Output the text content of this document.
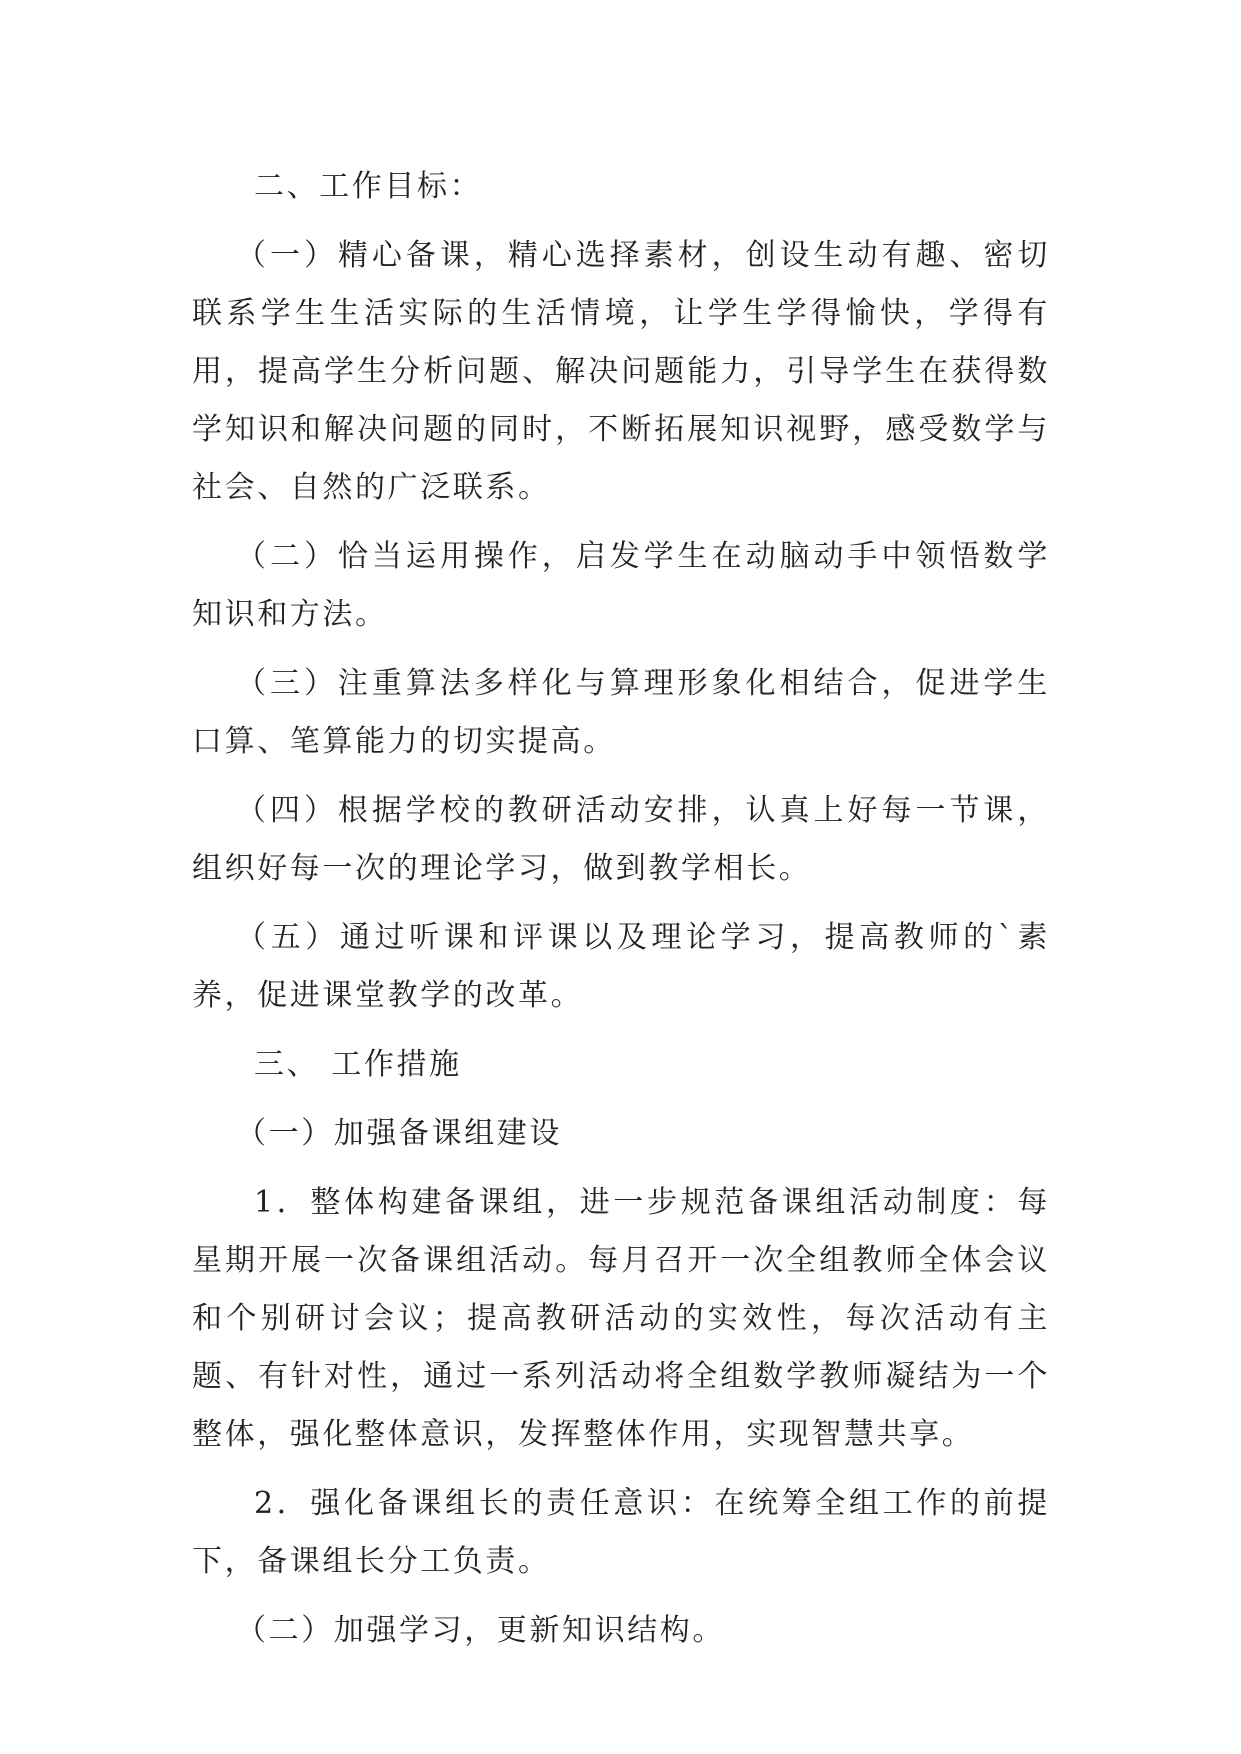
二、工作目标：

（一）精心备课，精心选择素材，创设生动有趣、密切联系学生生活实际的生活情境，让学生学得愉快，学得有用，提高学生分析问题、解决问题能力，引导学生在获得数学知识和解决问题的同时，不断拓展知识视野，感受数学与社会、自然的广泛联系。

（二）恰当运用操作，启发学生在动脑动手中领悟数学知识和方法。

（三）注重算法多样化与算理形象化相结合，促进学生口算、笔算能力的切实提高。

（四）根据学校的教研活动安排，认真上好每一节课，组织好每一次的理论学习，做到教学相长。

（五）通过听课和评课以及理论学习，提高教师的`素养，促进课堂教学的改革。

三、 工作措施

（一）加强备课组建设

1．整体构建备课组，进一步规范备课组活动制度：每星期开展一次备课组活动。每月召开一次全组教师全体会议和个别研讨会议；提高教研活动的实效性，每次活动有主题、有针对性，通过一系列活动将全组数学教师凝结为一个整体，强化整体意识，发挥整体作用，实现智慧共享。

2．强化备课组长的责任意识：在统筹全组工作的前提下，备课组长分工负责。

（二）加强学习，更新知识结构。
